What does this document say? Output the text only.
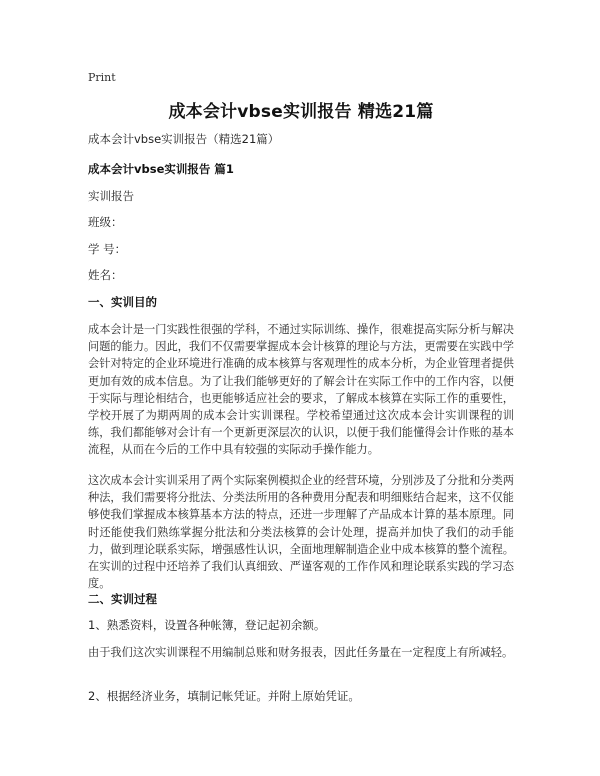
Print
成本会计vbse实训报告 精选21篇
成本会计vbse实训报告（精选21篇）
成本会计vbse实训报告 篇1
实训报告
班级：
学 号：
姓名：
一、实训目的
成本会计是一门实践性很强的学科，不通过实际训练、操作，很难提高实际分析与解决问题的能力。因此，我们不仅需要掌握成本会计核算的理论与方法，更需要在实践中学会针对特定的企业环境进行准确的成本核算与客观理性的成本分析，为企业管理者提供更加有效的成本信息。为了让我们能够更好的了解会计在实际工作中的工作内容，以便于实际与理论相结合，也更能够适应社会的要求，了解成本核算在实际工作的重要性，学校开展了为期两周的成本会计实训课程。学校希望通过这次成本会计实训课程的训练，我们都能够对会计有一个更新更深层次的认识，以便于我们能懂得会计作账的基本流程，从而在今后的工作中具有较强的实际动手操作能力。
这次成本会计实训采用了两个实际案例模拟企业的经营环境，分别涉及了分批和分类两种法，我们需要将分批法、分类法所用的各种费用分配表和明细账结合起来，这不仅能够使我们掌握成本核算基本方法的特点，还进一步理解了产品成本计算的基本原理。同时还能使我们熟练掌握分批法和分类法核算的会计处理，提高并加快了我们的动手能力，做到理论联系实际，增强感性认识，全面地理解制造企业中成本核算的整个流程。在实训的过程中还培养了我们认真细致、严谨客观的工作作风和理论联系实践的学习态度。
二、实训过程
1、熟悉资料，设置各种帐簿，登记起初余额。
由于我们这次实训课程不用编制总账和财务报表，因此任务量在一定程度上有所减轻。
2、根据经济业务，填制记帐凭证。并附上原始凭证。
